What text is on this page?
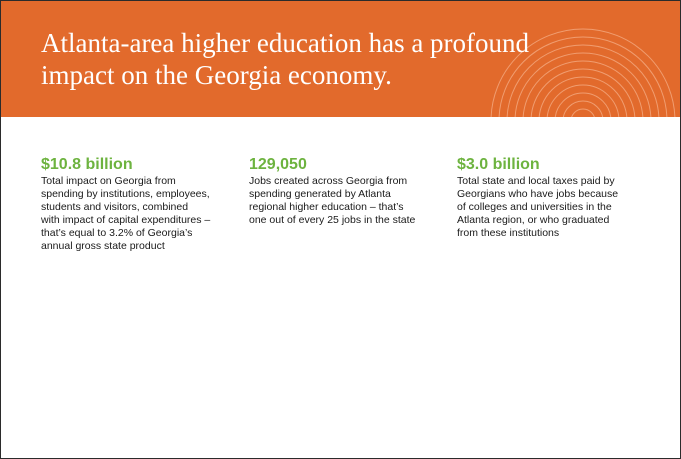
Atlanta-area higher education has a profound impact on the Georgia economy.

$10.8 billion

Total impact on Georgia from
spending by institutions, employees,
students and visitors, combined
with impact of capital expenditures –
that’s equal to 3.2% of Georgia’s
annual gross state product

129,050

Jobs created across Georgia from
spending generated by Atlanta
regional higher education – that’s
one out of every 25 jobs in the state

$3.0 billion

Total state and local taxes paid by
Georgians who have jobs because
of colleges and universities in the
Atlanta region, or who graduated
from these institutions
